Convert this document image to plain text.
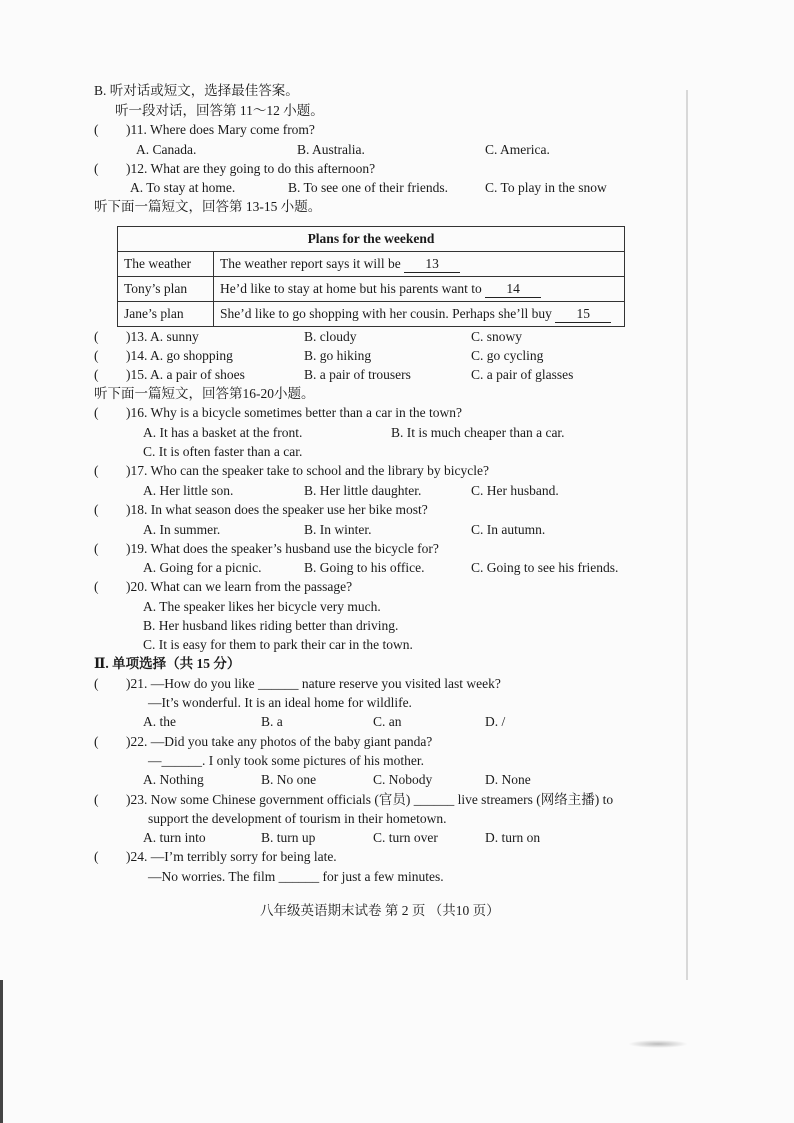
B. 听对话或短文，选择最佳答案。
听一段对话，回答第 11～12 小题。
( )11. Where does Mary come from?
A. Canada.	B. Australia.	C. America.
( )12. What are they going to do this afternoon?
A. To stay at home.	B. To see one of their friends.	C. To play in the snow
听下面一篇短文，回答第 13-15 小题。
Plans for the weekend	
The weather	The weather report says it will be 13
Tony’s plan	He’d like to stay at home but his parents want to 14
Jane’s plan	She’d like to go shopping with her cousin. Perhaps she’ll buy 15
( )13. A. sunny	B. cloudy	C. snowy
( )14. A. go shopping	B. go hiking	C. go cycling
( )15. A. a pair of shoes	B. a pair of trousers	C. a pair of glasses
听下面一篇短文，回答第16-20小题。
( )16. Why is a bicycle sometimes better than a car in the town?
A. It has a basket at the front.	B. It is much cheaper than a car.
C. It is often faster than a car.
( )17. Who can the speaker take to school and the library by bicycle?
A. Her little son.	B. Her little daughter.	C. Her husband.
( )18. In what season does the speaker use her bike most?
A. In summer.	B. In winter.	C. In autumn.
( )19. What does the speaker’s husband use the bicycle for?
A. Going for a picnic.	B. Going to his office.	C. Going to see his friends.
( )20. What can we learn from the passage?
A. The speaker likes her bicycle very much.
B. Her husband likes riding better than driving.
C. It is easy for them to park their car in the town.
Ⅱ. 单项选择（共 15 分）
( )21. —How do you like ______ nature reserve you visited last week?
—It’s wonderful. It is an ideal home for wildlife.
A. the	B. a	C. an	D. /
( )22. —Did you take any photos of the baby giant panda?
—______. I only took some pictures of his mother.
A. Nothing	B. No one	C. Nobody	D. None
( )23. Now some Chinese government officials (官员) ______ live streamers (网络主播) to
support the development of tourism in their hometown.
A. turn into	B. turn up	C. turn over	D. turn on
( )24. —I’m terribly sorry for being late.
—No worries. The film ______ for just a few minutes.
八年级英语期末试卷 第 2 页 （共10 页）
